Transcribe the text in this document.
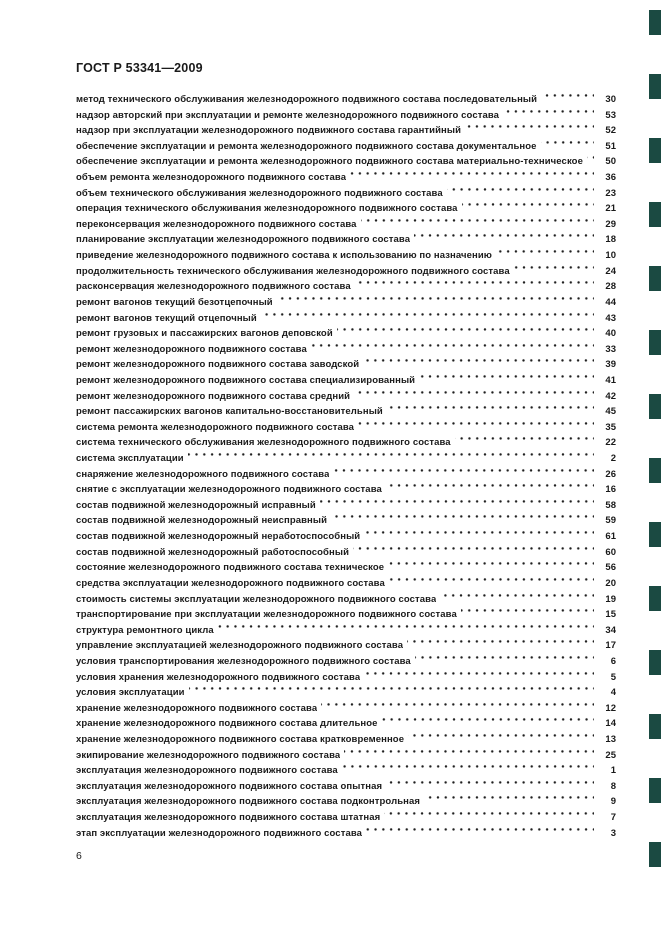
ГОСТ Р 53341—2009
метод технического обслуживания железнодорожного подвижного состава последовательный	30
надзор авторский при эксплуатации и ремонте железнодорожного подвижного состава	53
надзор при эксплуатации железнодорожного подвижного состава гарантийный	52
обеспечение эксплуатации и ремонта железнодорожного подвижного состава документальное	51
обеспечение эксплуатации и ремонта железнодорожного подвижного состава материально-техническое	50
объем ремонта железнодорожного подвижного состава	36
объем технического обслуживания железнодорожного подвижного состава	23
операция технического обслуживания железнодорожного подвижного состава	21
переконсервация железнодорожного подвижного состава	29
планирование эксплуатации железнодорожного подвижного состава	18
приведение железнодорожного подвижного состава к использованию по назначению	10
продолжительность технического обслуживания железнодорожного подвижного состава	24
расконсервация железнодорожного подвижного состава	28
ремонт вагонов текущий безотцепочный	44
ремонт вагонов текущий отцепочный	43
ремонт грузовых и пассажирских вагонов деповской	40
ремонт железнодорожного подвижного состава	33
ремонт железнодорожного подвижного состава заводской	39
ремонт железнодорожного подвижного состава специализированный	41
ремонт железнодорожного подвижного состава средний	42
ремонт пассажирских вагонов капитально-восстановительный	45
система ремонта железнодорожного подвижного состава	35
система технического обслуживания железнодорожного подвижного состава	22
система эксплуатации	2
снаряжение железнодорожного подвижного состава	26
снятие с эксплуатации железнодорожного подвижного состава	16
состав подвижной железнодорожный исправный	58
состав подвижной железнодорожный неисправный	59
состав подвижной железнодорожный неработоспособный	61
состав подвижной железнодорожный работоспособный	60
состояние железнодорожного подвижного состава техническое	56
средства эксплуатации железнодорожного подвижного состава	20
стоимость системы эксплуатации железнодорожного подвижного состава	19
транспортирование при эксплуатации железнодорожного подвижного состава	15
структура ремонтного цикла	34
управление эксплуатацией железнодорожного подвижного состава	17
условия транспортирования железнодорожного подвижного состава	6
условия хранения железнодорожного подвижного состава	5
условия эксплуатации	4
хранение железнодорожного подвижного состава	12
хранение железнодорожного подвижного состава длительное	14
хранение железнодорожного подвижного состава кратковременное	13
экипирование железнодорожного подвижного состава	25
эксплуатация железнодорожного подвижного состава	1
эксплуатация железнодорожного подвижного состава опытная	8
эксплуатация железнодорожного подвижного состава подконтрольная	9
эксплуатация железнодорожного подвижного состава штатная	7
этап эксплуатации железнодорожного подвижного состава	3
6
